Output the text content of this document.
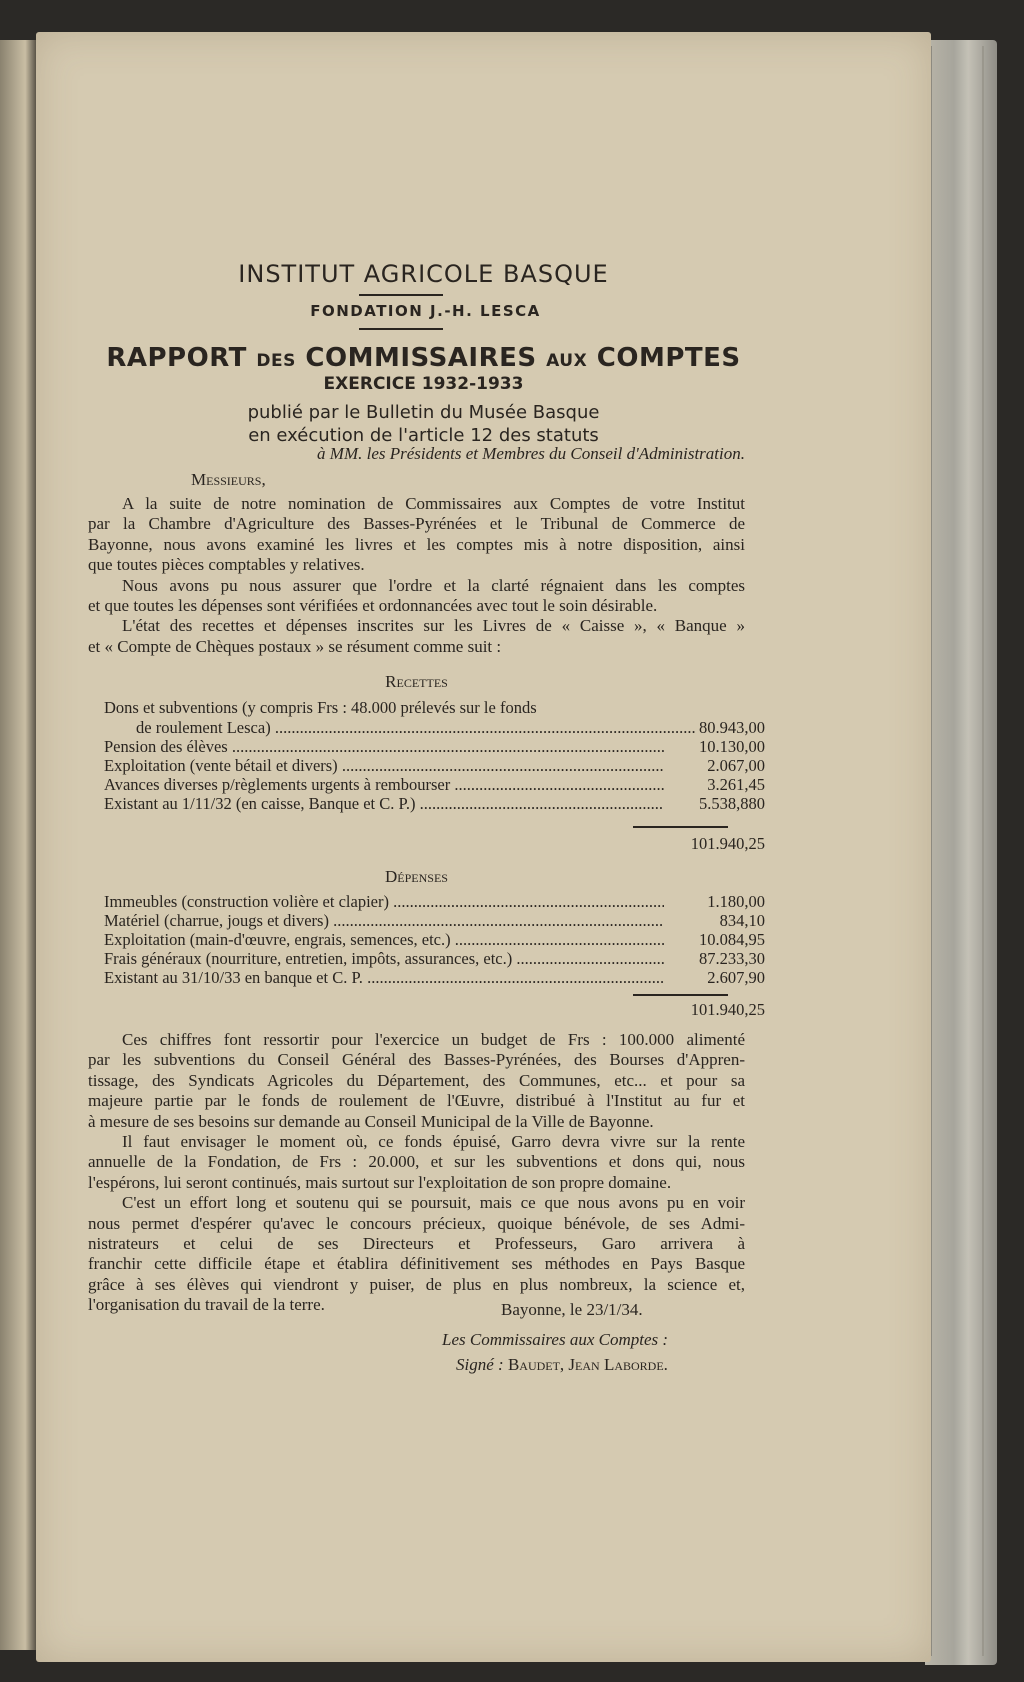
INSTITUT AGRICOLE BASQUE
FONDATION J.-H. LESCA
RAPPORT DES COMMISSAIRES AUX COMPTES
EXERCICE 1932-1933
publié par le Bulletin du Musée Basque
en exécution de l'article 12 des statuts
à MM. les Présidents et Membres du Conseil d'Administration.
Messieurs,
A la suite de notre nomination de Commissaires aux Comptes de votre Institut
par la Chambre d'Agriculture des Basses-Pyrénées et le Tribunal de Commerce de
Bayonne, nous avons examiné les livres et les comptes mis à notre disposition, ainsi
que toutes pièces comptables y relatives.
Nous avons pu nous assurer que l'ordre et la clarté régnaient dans les comptes
et que toutes les dépenses sont vérifiées et ordonnancées avec tout le soin désirable.
L'état des recettes et dépenses inscrites sur les Livres de « Caisse », « Banque »
et « Compte de Chèques postaux » se résument comme suit :
Recettes
Dons et subventions (y compris Frs : 48.000 prélevés sur le fonds
de roulement Lesca) .....	80.943,00
Pension des élèves .....	10.130,00
Exploitation (vente bétail et divers) .....	2.067,00
Avances diverses p/règlements urgents à rembourser .....	3.261,45
Existant au 1/11/32 (en caisse, Banque et C. P.) .....	5.538,880
101.940,25
Dépenses
Immeubles (construction volière et clapier) .....	1.180,00
Matériel (charrue, jougs et divers) .....	834,10
Exploitation (main-d'œuvre, engrais, semences, etc.) .....	10.084,95
Frais généraux (nourriture, entretien, impôts, assurances, etc.) .....	87.233,30
Existant au 31/10/33 en banque et C. P. .....	2.607,90
101.940,25
Ces chiffres font ressortir pour l'exercice un budget de Frs : 100.000 alimenté
par les subventions du Conseil Général des Basses-Pyrénées, des Bourses d'Appren-
tissage, des Syndicats Agricoles du Département, des Communes, etc... et pour sa
majeure partie par le fonds de roulement de l'Œuvre, distribué à l'Institut au fur et
à mesure de ses besoins sur demande au Conseil Municipal de la Ville de Bayonne.
Il faut envisager le moment où, ce fonds épuisé, Garro devra vivre sur la rente
annuelle de la Fondation, de Frs : 20.000, et sur les subventions et dons qui, nous
l'espérons, lui seront continués, mais surtout sur l'exploitation de son propre domaine.
C'est un effort long et soutenu qui se poursuit, mais ce que nous avons pu en voir
nous permet d'espérer qu'avec le concours précieux, quoique bénévole, de ses Admi-
nistrateurs et celui de ses Directeurs et Professeurs, Garo arrivera à
franchir cette difficile étape et établira définitivement ses méthodes en Pays Basque
grâce à ses élèves qui viendront y puiser, de plus en plus nombreux, la science et,
l'organisation du travail de la terre.	Bayonne, le 23/1/34.
Les Commissaires aux Comptes :
Signé : Baudet, Jean Laborde.
